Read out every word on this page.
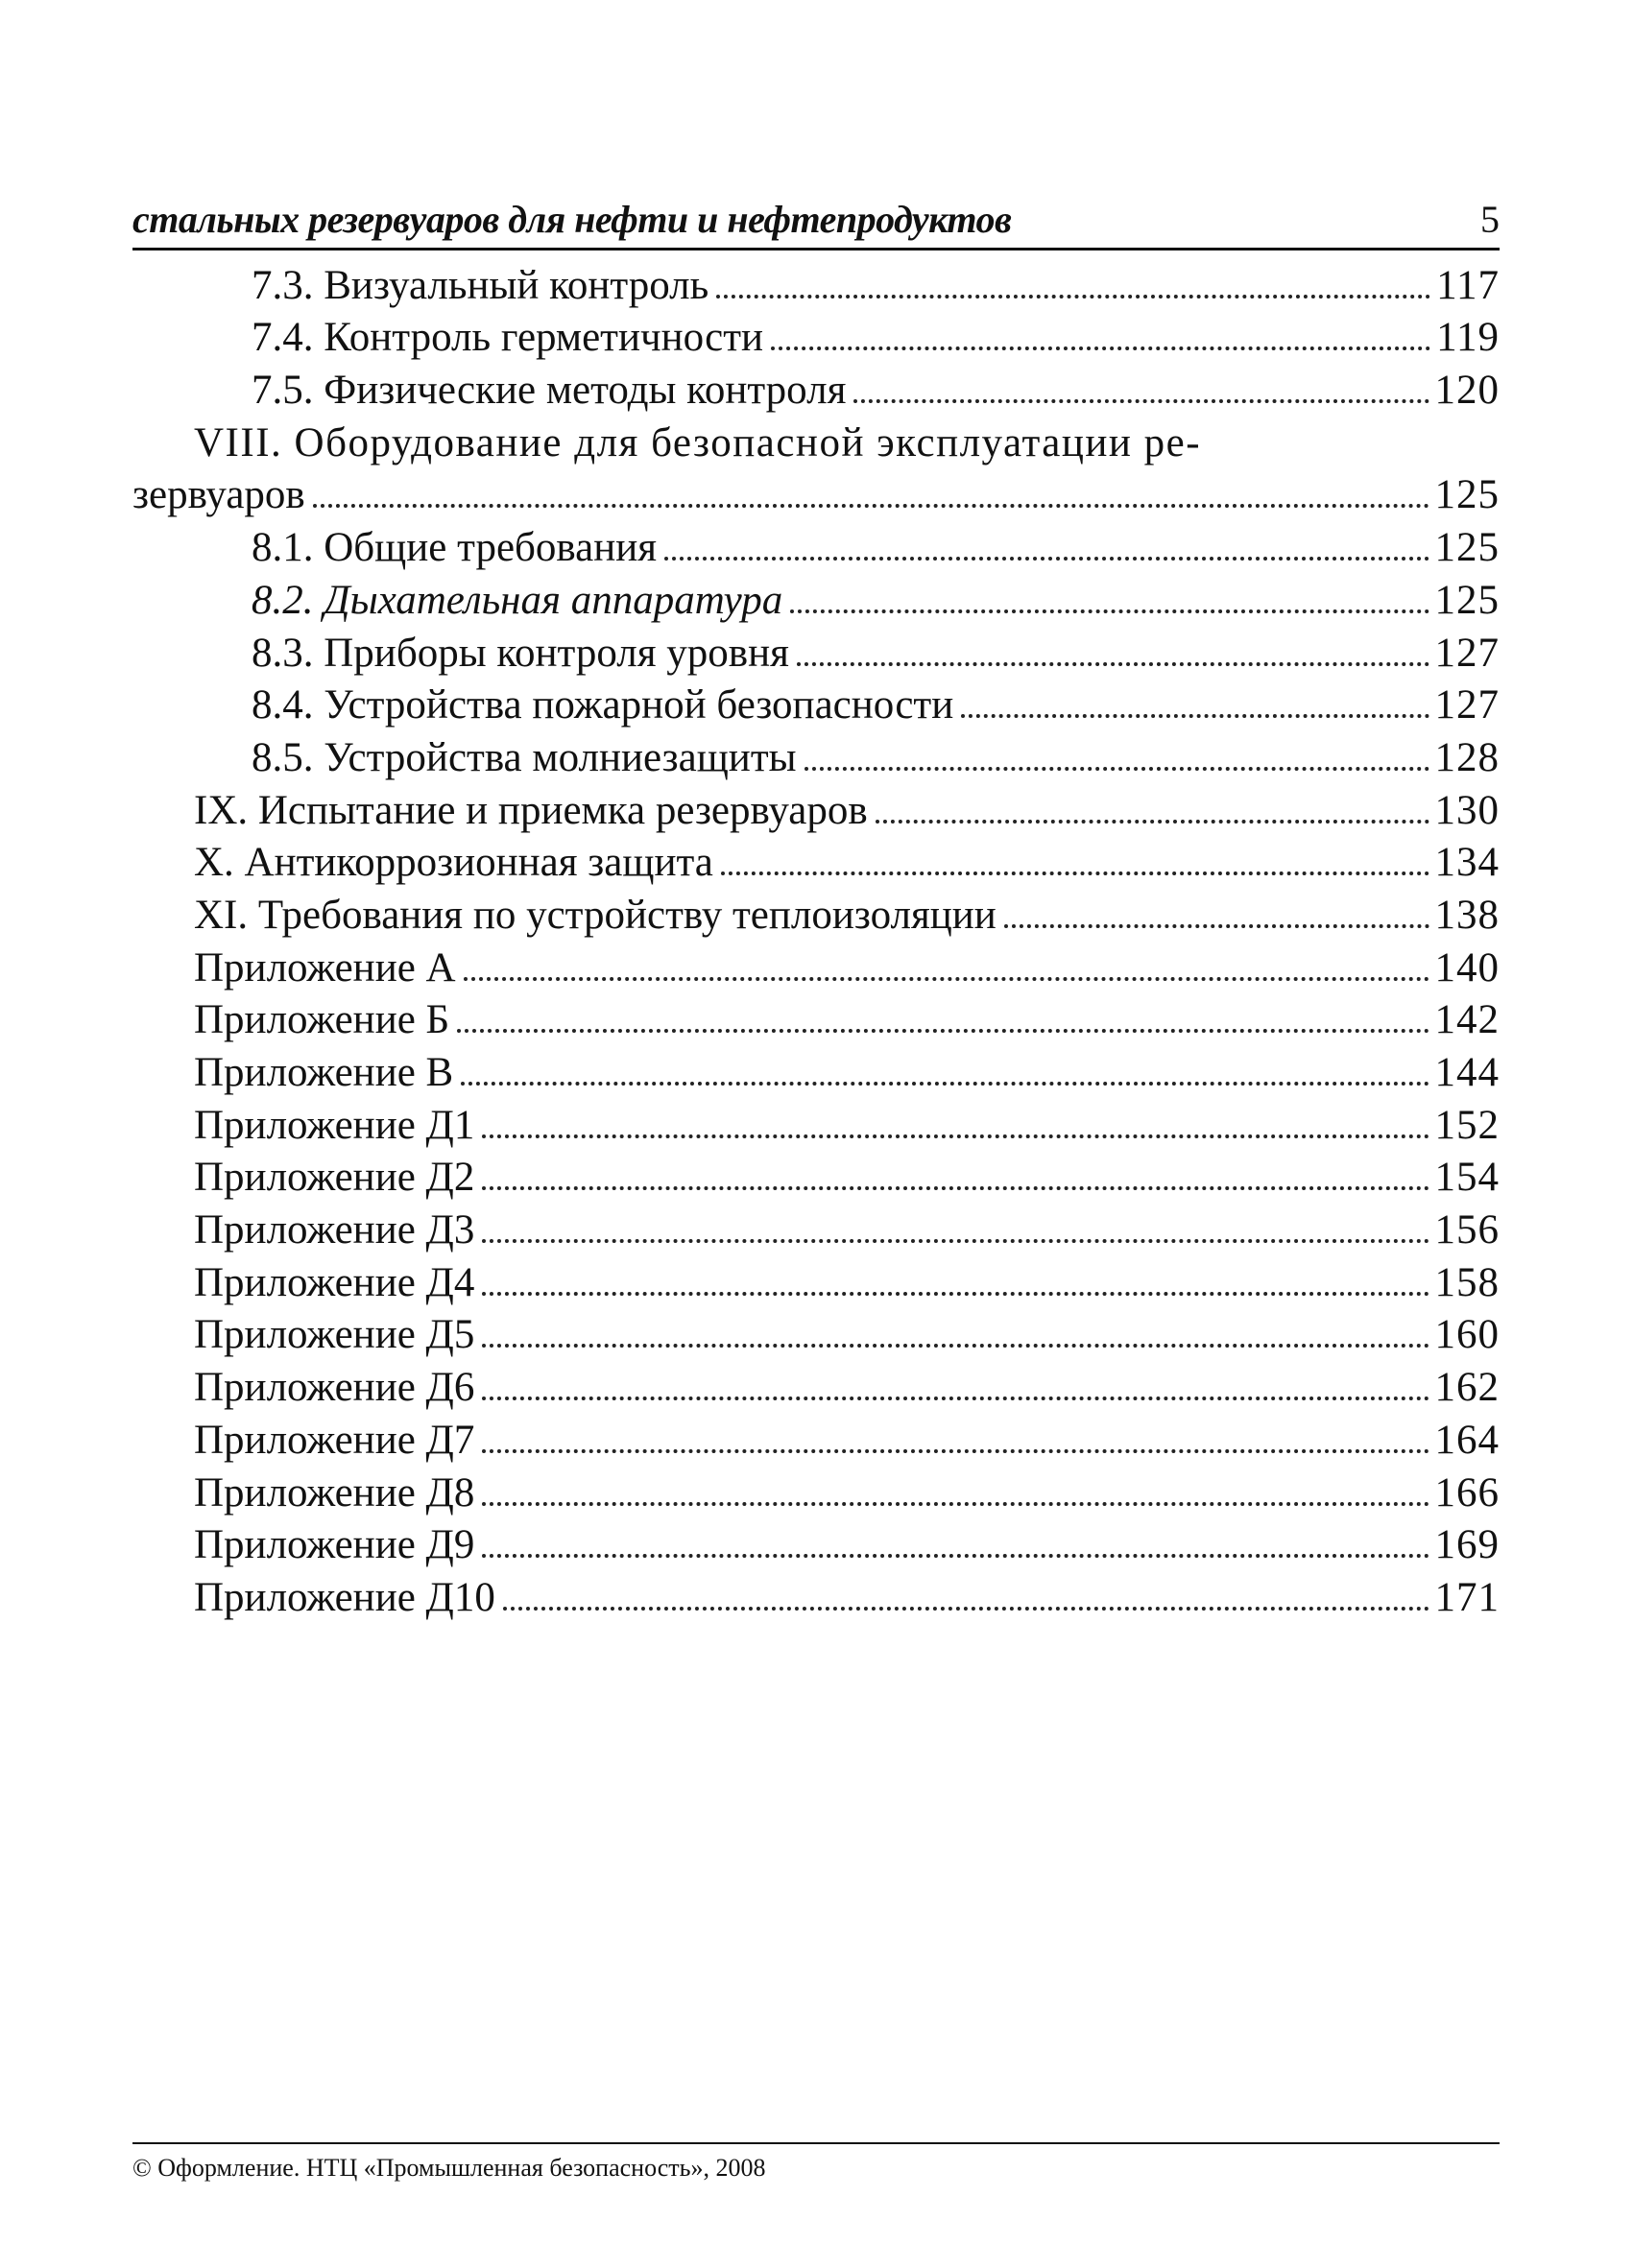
стальных резервуаров для нефти и нефтепродуктов	5
7.3. Визуальный контроль	117
7.4. Контроль герметичности	119
7.5. Физические методы контроля	120
VIII. Оборудование для безопасной эксплуатации ре-
зервуаров	125
8.1. Общие требования	125
8.2. Дыхательная аппаратура	125
8.3. Приборы контроля уровня	127
8.4. Устройства пожарной безопасности	127
8.5. Устройства молниезащиты	128
IX. Испытание и приемка резервуаров	130
X. Антикоррозионная защита	134
XI. Требования по устройству теплоизоляции	138
Приложение А	140
Приложение Б	142
Приложение В	144
Приложение Д1	152
Приложение Д2	154
Приложение Д3	156
Приложение Д4	158
Приложение Д5	160
Приложение Д6	162
Приложение Д7	164
Приложение Д8	166
Приложение Д9	169
Приложение Д10	171
© Оформление. НТЦ «Промышленная безопасность», 2008
